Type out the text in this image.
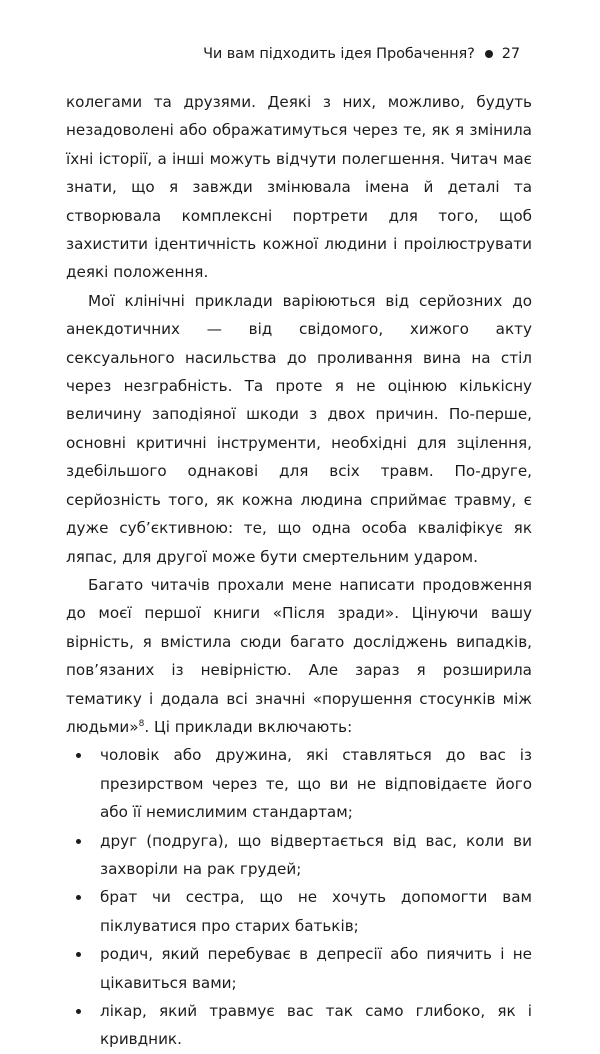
Чи вам підходить ідея Пробачення? 27

колегами та друзями. Деякі з них, можливо, будуть незадоволені або ображатимуться через те, як я змінила їхні історії, а інші можуть відчути полегшення. Читач має знати, що я завжди змінювала імена й деталі та створювала комплексні портрети для того, щоб захистити ідентичність кожної людини і проілюструвати деякі положення.

Мої клінічні приклади варіюються від серйозних до анекдотичних — від свідомого, хижого акту сексуального насильства до проливання вина на стіл через незграбність. Та проте я не оцінюю кількісну величину заподіяної шкоди з двох причин. По-перше, основні критичні інструменти, необхідні для зцілення, здебільшого однакові для всіх травм. По-друге, серйозність того, як кожна людина сприймає травму, є дуже суб’єктивною: те, що одна особа кваліфікує як ляпас, для другої може бути смертельним ударом.

Багато читачів прохали мене написати продовження до моєї першої книги «Після зради». Цінуючи вашу вірність, я вмістила сюди багато досліджень випадків, пов’язаних із невірністю. Але зараз я розширила тематику і додала всі значні «порушення стосунків між людьми»$^8$. Ці приклади включають:

чоловік або дружина, які ставляться до вас із презирством через те, що ви не відповідаєте його або її немислимим стандартам;
друг (подруга), що відвертається від вас, коли ви захворіли на рак грудей;
брат чи сестра, що не хочуть допомогти вам піклуватися про старих батьків;
родич, який перебуває в депресії або пиячить і не цікавиться вами;
лікар, який травмує вас так само глибоко, як і кривдник.
